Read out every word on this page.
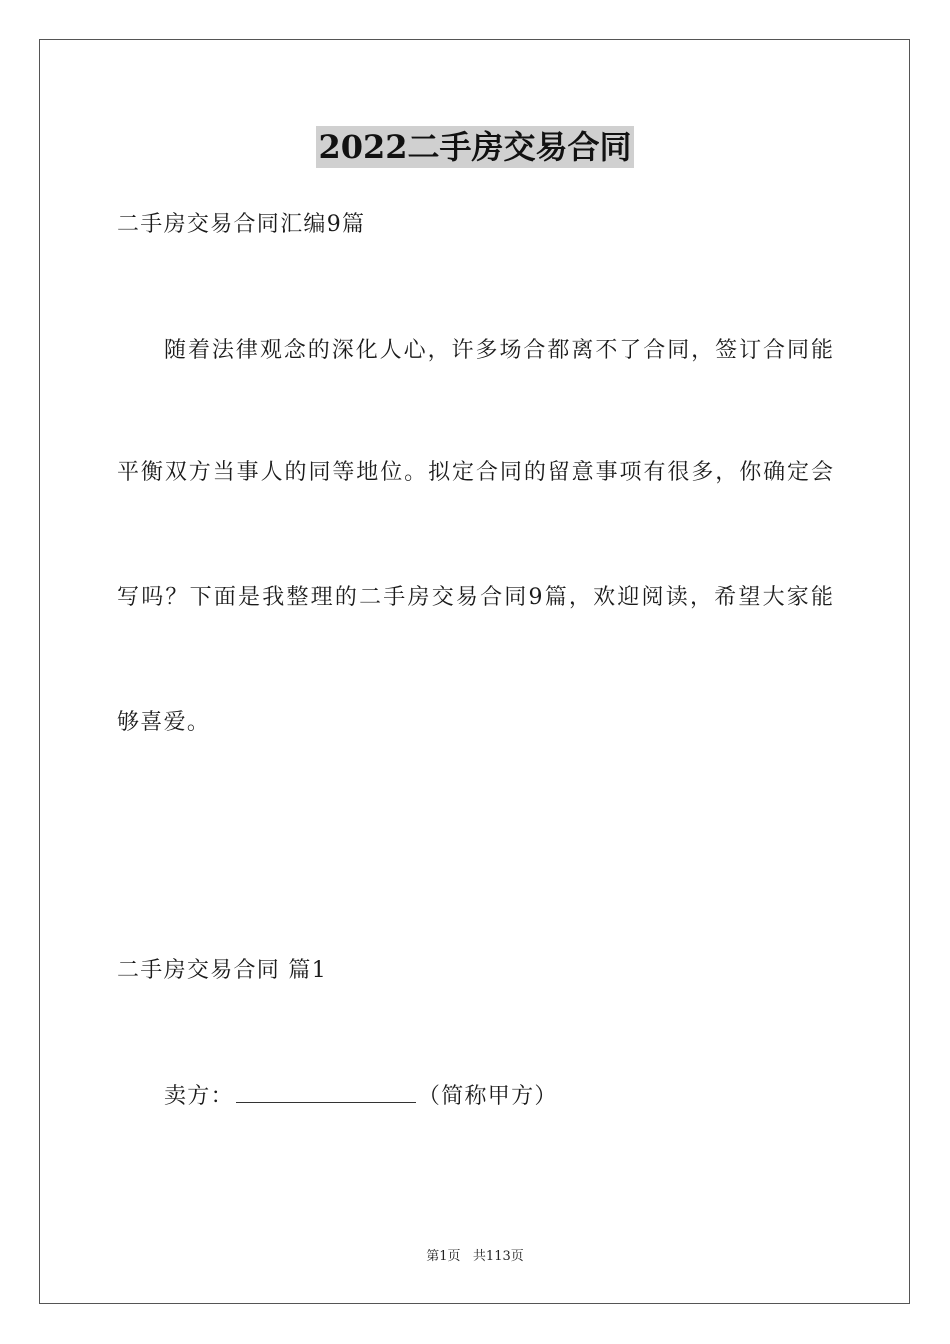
2022二手房交易合同
二手房交易合同汇编9篇
随着法律观念的深化人心，许多场合都离不了合同，签订合同能
平衡双方当事人的同等地位。拟定合同的留意事项有很多，你确定会
写吗？下面是我整理的二手房交易合同9篇，欢迎阅读，希望大家能
够喜爱。
二手房交易合同 篇1
卖方：	（简称甲方）
第1页 共113页
